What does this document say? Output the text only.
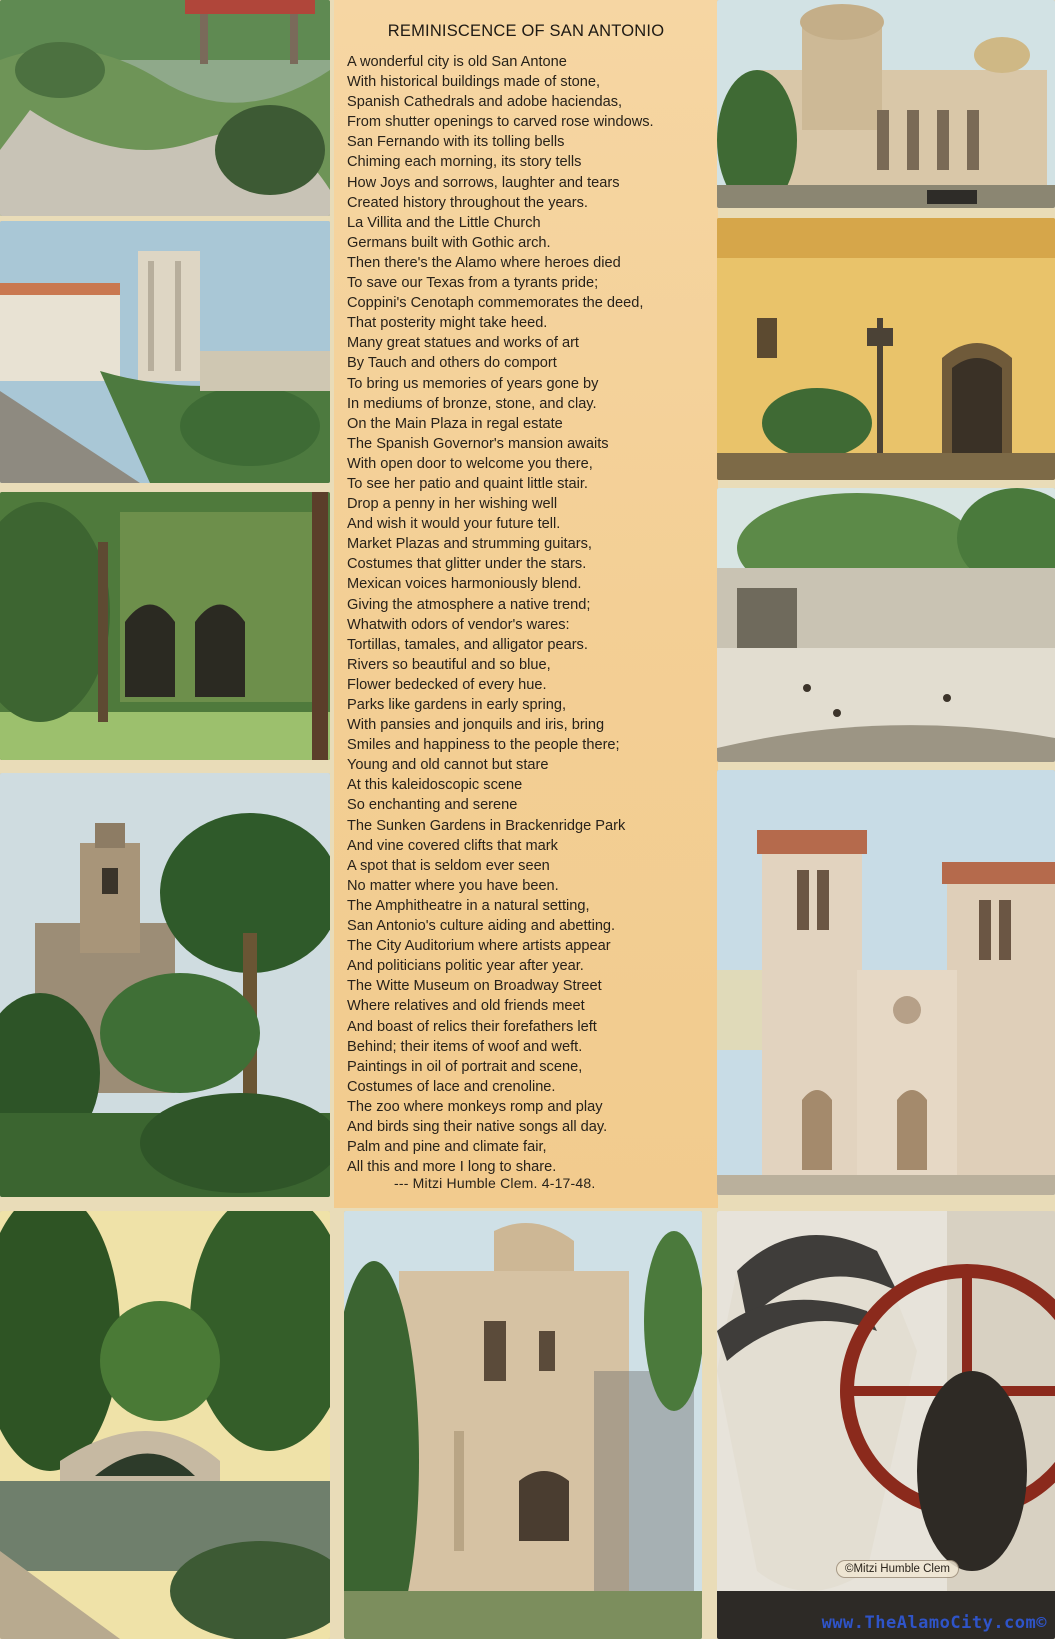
REMINISCENCE OF SAN ANTONIO
A wonderful city is old San Antone
With historical buildings made of stone,
Spanish Cathedrals and adobe haciendas,
From shutter openings to carved rose windows.
San Fernando with its tolling bells
Chiming each morning, its story tells
How Joys and sorrows, laughter and tears
Created history throughout the years.
La Villita and the Little Church
Germans built with Gothic arch.
Then there's the Alamo where heroes died
To save our Texas from a tyrants pride;
Coppini's Cenotaph commemorates the deed,
That posterity might take heed.
Many great statues and works of art
By Tauch and others do comport
To bring us memories of years gone by
In mediums of bronze, stone, and clay.
On the Main Plaza in regal estate
The Spanish Governor's mansion awaits
With open door to welcome you there,
To see her patio and quaint little stair.
Drop a penny in her wishing well
And wish it would your future tell.
Market Plazas and strumming guitars,
Costumes that glitter under the stars.
Mexican voices harmoniously blend.
Giving the atmosphere a native trend;
Whatwith odors of vendor's wares:
Tortillas, tamales, and alligator pears.
Rivers so beautiful and so blue,
Flower bedecked of every hue.
Parks like gardens in early spring,
With pansies and jonquils and iris, bring
Smiles and happiness to the people there;
Young and old cannot but stare
At this kaleidoscopic scene
So enchanting and serene
The Sunken Gardens in Brackenridge Park
And vine covered clifts that mark
A spot that is seldom ever seen
No matter where you have been.
The Amphitheatre in a natural setting,
San Antonio's culture aiding and abetting.
The City Auditorium where artists appear
And politicians politic year after year.
The Witte Museum on Broadway Street
Where relatives and old friends meet
And boast of relics their forefathers left
Behind; their items of woof and weft.
Paintings in oil of portrait and scene,
Costumes of lace and crenoline.
The zoo where monkeys romp and play
And birds sing their native songs all day.
Palm and pine and climate fair,
All this and more I long to share.
--- Mitzi Humble Clem. 4-17-48.
©Mitzi Humble Clem
www.TheAlamoCity.com©
